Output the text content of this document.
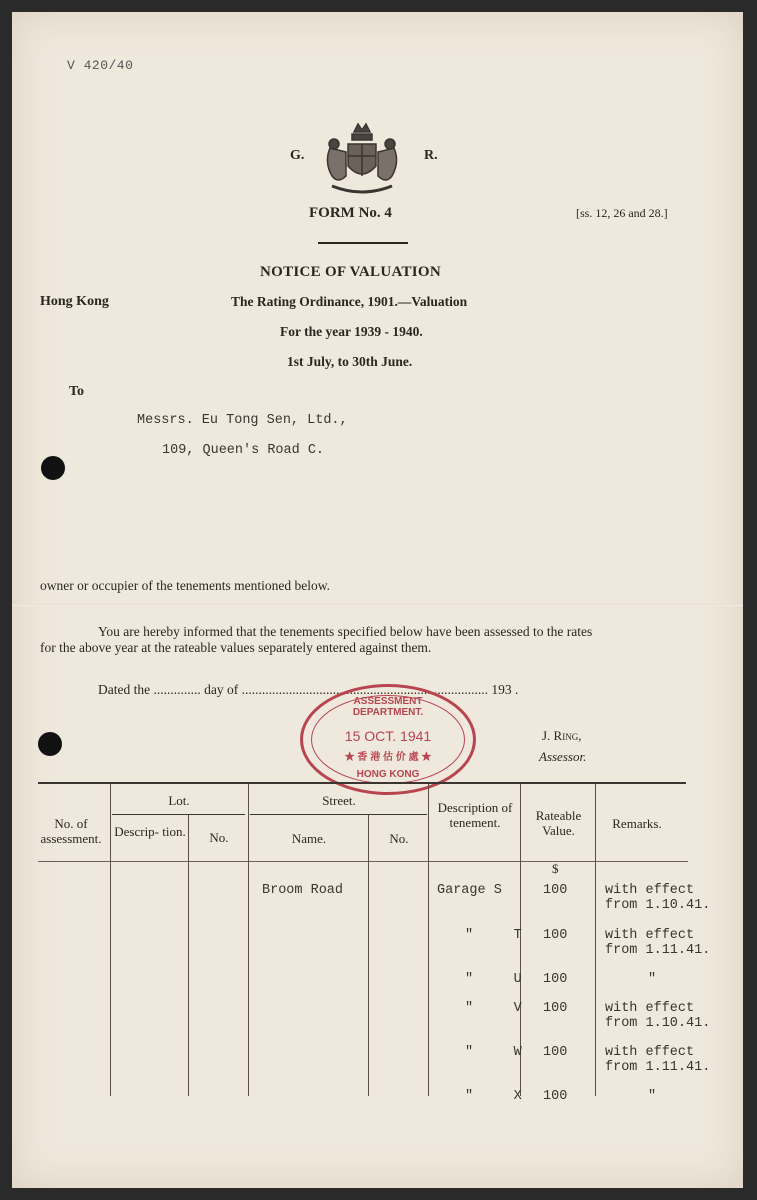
V 420/40
G.	R.
FORM No. 4	[ss. 12, 26 and 28.]
NOTICE OF VALUATION
Hong Kong	The Rating Ordinance, 1901.—Valuation
For the year 1939 - 1940.
1st July, to 30th June.
To
Messrs. Eu Tong Sen, Ltd.,
109, Queen's Road C.
owner or occupier of the tenements mentioned below.
You are hereby informed that the tenements specified below have been assessed to the rates
for the above year at the rateable values separately entered against them.
Dated the .............. day of ......................................................................... 193 .
ASSESSMENT DEPARTMENT.
15 OCT. 1941
★ 香 港 估 价 處 ★
HONG KONG
J. Ring,
Assessor.
No. of assessment.
Lot.
Descrip- tion.	No.
Street.
Name.	No.
Description of tenement.	Rateable Value.	Remarks.
$
Broom Road	Garage S	100	with effect
from 1.10.41.
"     T 100	with effect
from 1.11.41.
"     U 100	"
"     V 100	with effect
from 1.10.41.
"     W 100	with effect
from 1.11.41.
"     X 100	"
